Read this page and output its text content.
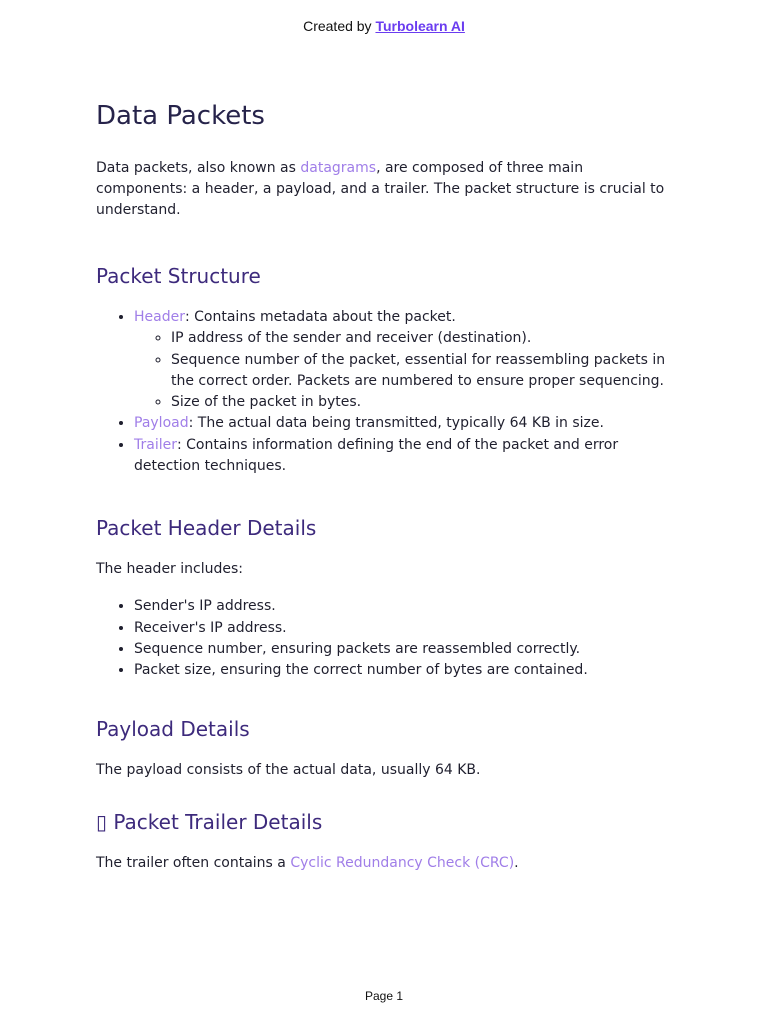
Created by Turbolearn AI
Data Packets

Data packets, also known as datagrams, are composed of three main components: a header, a payload, and a trailer. The packet structure is crucial to understand.

Packet Structure
• Header: Contains metadata about the packet.
◦ IP address of the sender and receiver (destination).
◦ Sequence number of the packet, essential for reassembling packets in the correct order. Packets are numbered to ensure proper sequencing.
◦ Size of the packet in bytes.
• Payload: The actual data being transmitted, typically 64 KB in size.
• Trailer: Contains information defining the end of the packet and error detection techniques.
Packet Header Details

The header includes:

• Sender's IP address.
• Receiver's IP address.
• Sequence number, ensuring packets are reassembled correctly.
• Packet size, ensuring the correct number of bytes are contained.
Payload Details

The payload consists of the actual data, usually 64 KB.

▯ Packet Trailer Details

The trailer often contains a Cyclic Redundancy Check (CRC).

Page 1
